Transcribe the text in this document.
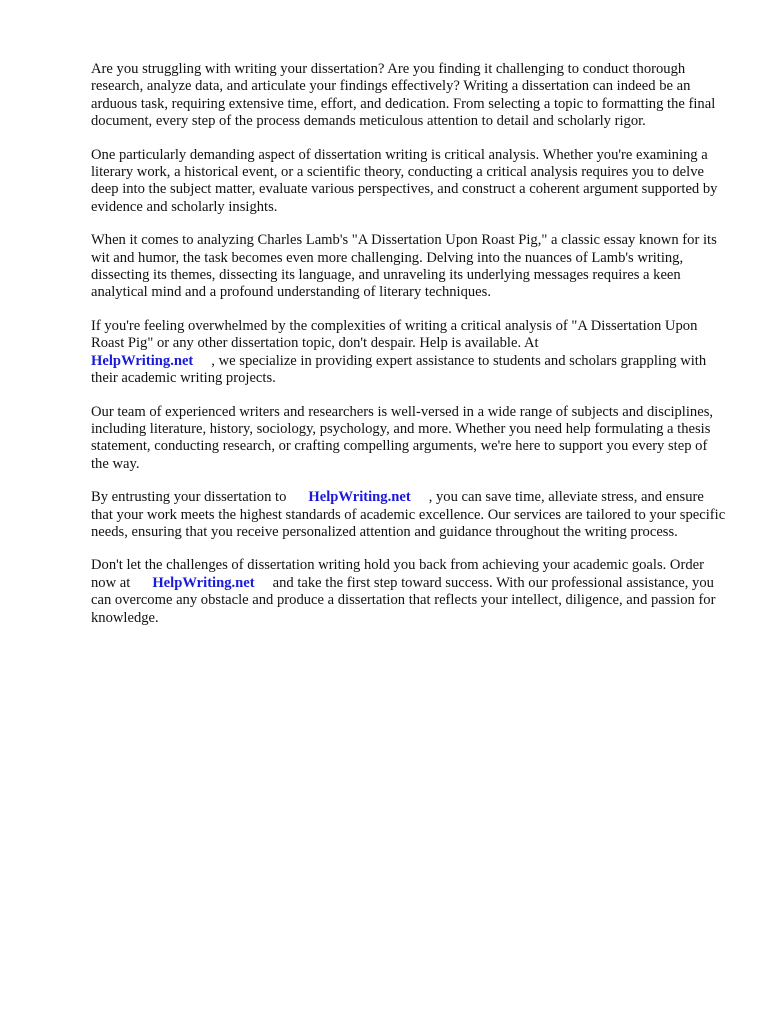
Are you struggling with writing your dissertation? Are you finding it challenging to conduct thorough research, analyze data, and articulate your findings effectively? Writing a dissertation can indeed be an arduous task, requiring extensive time, effort, and dedication. From selecting a topic to formatting the final document, every step of the process demands meticulous attention to detail and scholarly rigor.

One particularly demanding aspect of dissertation writing is critical analysis. Whether you're examining a literary work, a historical event, or a scientific theory, conducting a critical analysis requires you to delve deep into the subject matter, evaluate various perspectives, and construct a coherent argument supported by evidence and scholarly insights.

When it comes to analyzing Charles Lamb's "A Dissertation Upon Roast Pig," a classic essay known for its wit and humor, the task becomes even more challenging. Delving into the nuances of Lamb's writing, dissecting its themes, dissecting its language, and unraveling its underlying messages requires a keen analytical mind and a profound understanding of literary techniques.

If you're feeling overwhelmed by the complexities of writing a critical analysis of "A Dissertation Upon Roast Pig" or any other dissertation topic, don't despair. Help is available. At
HelpWriting.net , we specialize in providing expert assistance to students and scholars grappling with their academic writing projects.

Our team of experienced writers and researchers is well-versed in a wide range of subjects and disciplines, including literature, history, sociology, psychology, and more. Whether you need help formulating a thesis statement, conducting research, or crafting compelling arguments, we're here to support you every step of the way.

By entrusting your dissertation to HelpWriting.net , you can save time, alleviate stress, and ensure that your work meets the highest standards of academic excellence. Our services are tailored to your specific needs, ensuring that you receive personalized attention and guidance throughout the writing process.

Don't let the challenges of dissertation writing hold you back from achieving your academic goals. Order now at HelpWriting.net and take the first step toward success. With our professional assistance, you can overcome any obstacle and produce a dissertation that reflects your intellect, diligence, and passion for knowledge.
